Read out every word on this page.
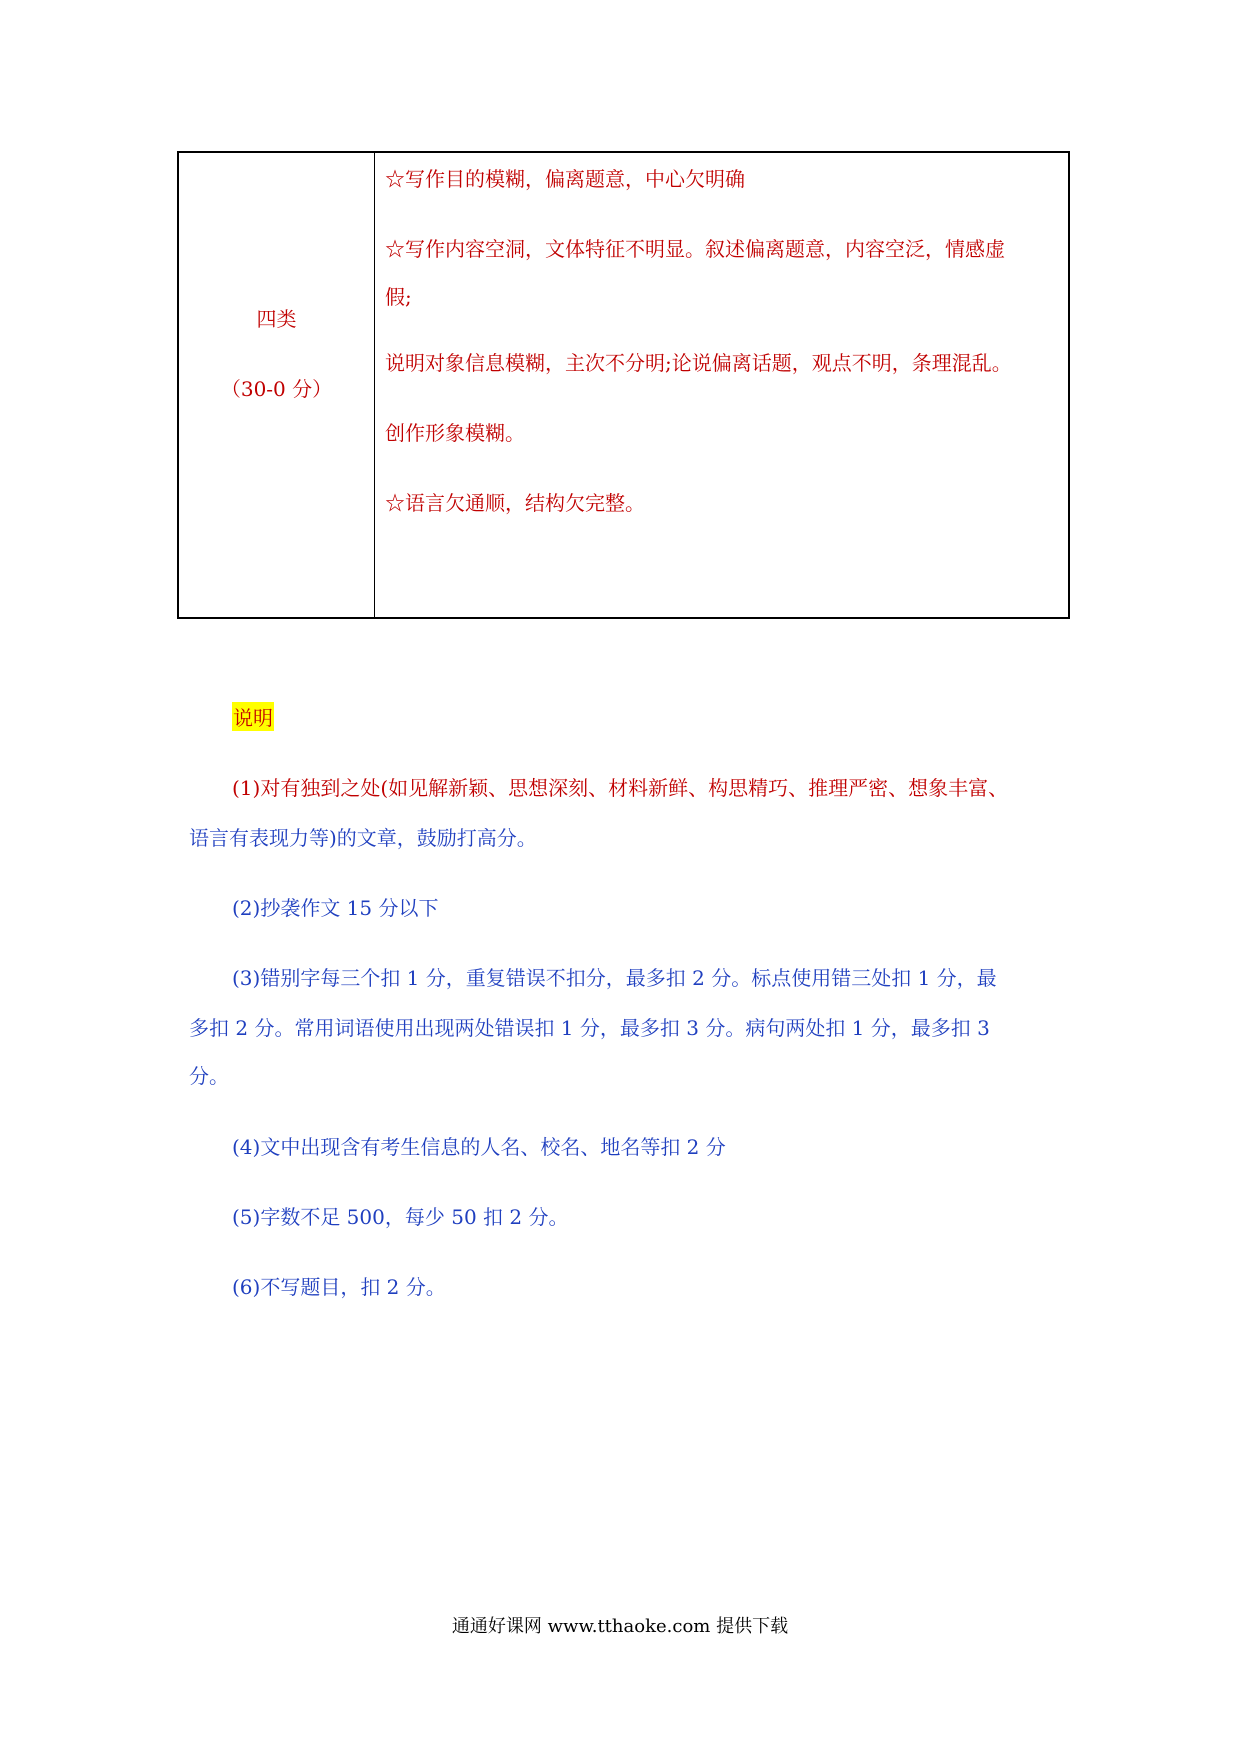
四类
（30-0 分）
☆写作目的模糊，偏离题意，中心欠明确
☆写作内容空洞，文体特征不明显。叙述偏离题意，内容空泛，情感虚
假;
说明对象信息模糊，主次不分明;论说偏离话题，观点不明，条理混乱。
创作形象模糊。
☆语言欠通顺，结构欠完整。
说明
(1)对有独到之处(如见解新颖、思想深刻、材料新鲜、构思精巧、推理严密、想象丰富、
语言有表现力等)的文章，鼓励打高分。
(2)抄袭作文 15 分以下
(3)错别字每三个扣 1 分，重复错误不扣分，最多扣 2 分。标点使用错三处扣 1 分，最
多扣 2 分。常用词语使用出现两处错误扣 1 分，最多扣 3 分。病句两处扣 1 分，最多扣 3
分。
(4)文中出现含有考生信息的人名、校名、地名等扣 2 分
(5)字数不足 500，每少 50 扣 2 分。
(6)不写题目，扣 2 分。
通通好课网 www.tthaoke.com 提供下载
